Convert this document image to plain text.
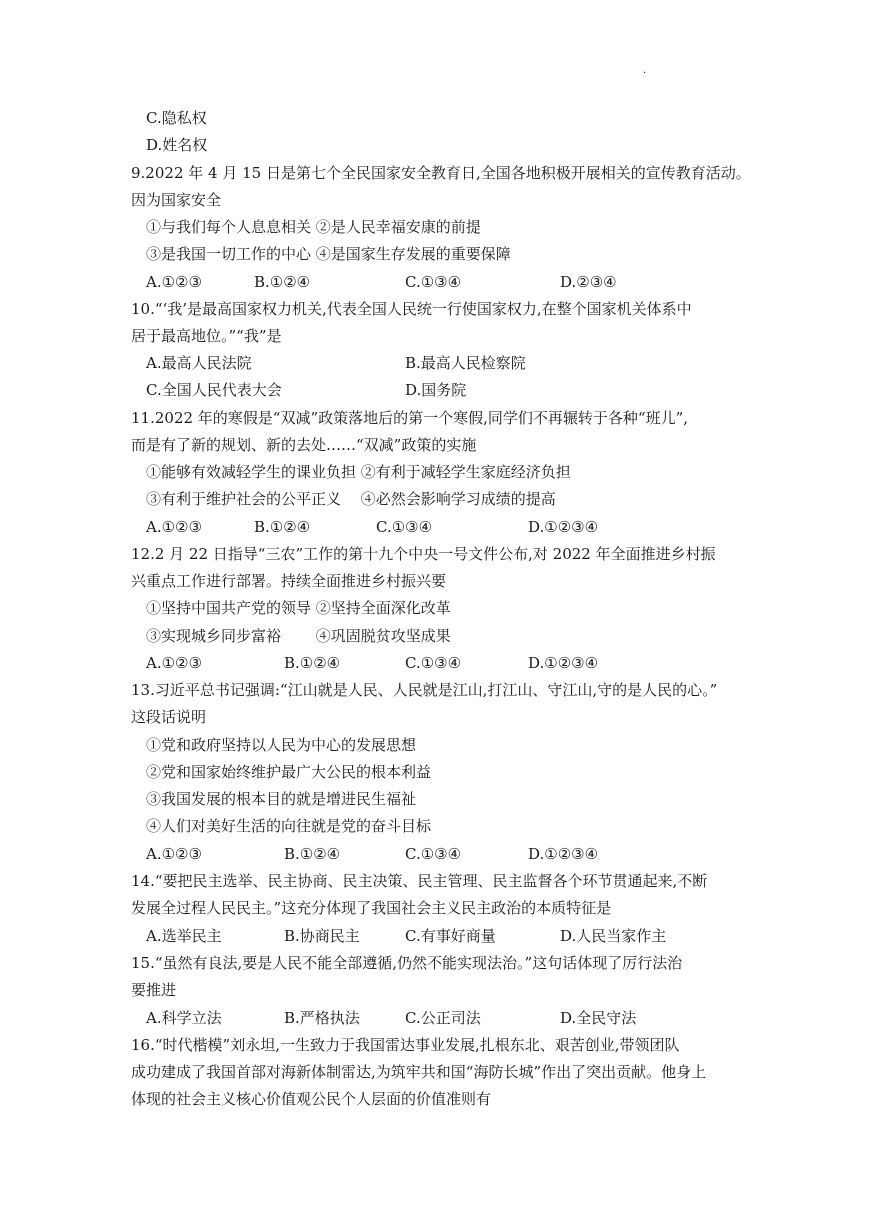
.
C.隐私权
D.姓名权
9.2022 年 4 月 15 日是第七个全民国家安全教育日,全国各地积极开展相关的宣传教育活动。
因为国家安全
①与我们每个人息息相关 ②是人民幸福安康的前提
③是我国一切工作的中心 ④是国家生存发展的重要保障
A.①②③	B.①②④	C.①③④	D.②③④
10.“‘我’是最高国家权力机关,代表全国人民统一行使国家权力,在整个国家机关体系中
居于最高地位。”“我”是
A.最高人民法院	B.最高人民检察院
C.全国人民代表大会	D.国务院
11.2022 年的寒假是“双减”政策落地后的第一个寒假,同学们不再辗转于各种“班儿”,
而是有了新的规划、新的去处……“双减”政策的实施
①能够有效减轻学生的课业负担 ②有利于减轻学生家庭经济负担
③有利于维护社会的公平正义　 ④必然会影响学习成绩的提高
A.①②③	B.①②④	C.①③④	D.①②③④
12.2 月 22 日指导“三农”工作的第十九个中央一号文件公布,对 2022 年全面推进乡村振
兴重点工作进行部署。持续全面推进乡村振兴要
①坚持中国共产党的领导 ②坚持全面深化改革
③实现城乡同步富裕　　 ④巩固脱贫攻坚成果
A.①②③	B.①②④	C.①③④	D.①②③④
13.习近平总书记强调:“江山就是人民、人民就是江山,打江山、守江山,守的是人民的心。”
这段话说明
①党和政府坚持以人民为中心的发展思想
②党和国家始终维护最广大公民的根本利益
③我国发展的根本目的就是增进民生福祉
④人们对美好生活的向往就是党的奋斗目标
A.①②③	B.①②④	C.①③④	D.①②③④
14.“要把民主选举、民主协商、民主决策、民主管理、民主监督各个环节贯通起来,不断
发展全过程人民民主。”这充分体现了我国社会主义民主政治的本质特征是
A.选举民主	B.协商民主	C.有事好商量	D.人民当家作主
15.“虽然有良法,要是人民不能全部遵循,仍然不能实现法治。”这句话体现了厉行法治
要推进
A.科学立法	B.严格执法	C.公正司法	D.全民守法
16.“时代楷模”刘永坦,一生致力于我国雷达事业发展,扎根东北、艰苦创业,带领团队
成功建成了我国首部对海新体制雷达,为筑牢共和国“海防长城”作出了突出贡献。他身上
体现的社会主义核心价值观公民个人层面的价值准则有
